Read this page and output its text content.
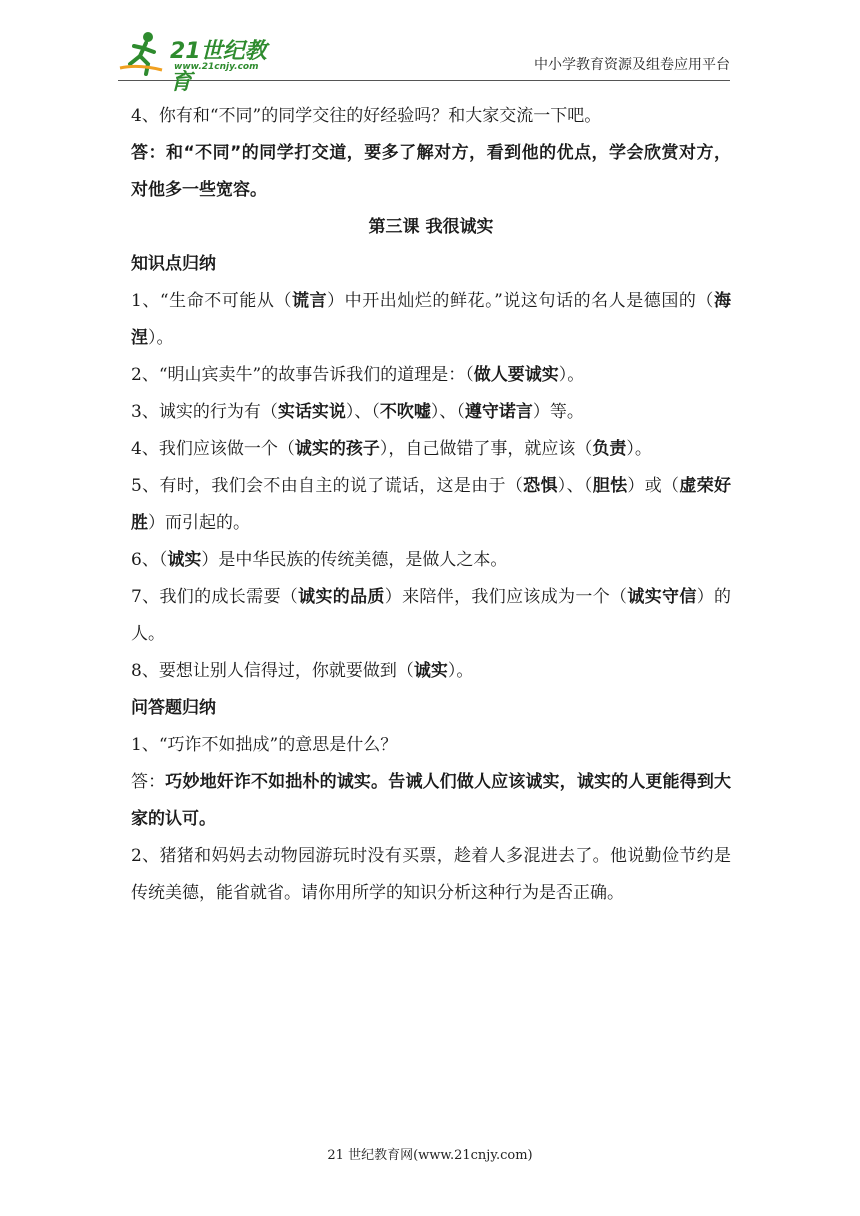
21世纪教育
www.21cnjy.com	中小学教育资源及组卷应用平台

4、你有和“不同”的同学交往的好经验吗？和大家交流一下吧。

答：和“不同”的同学打交道，要多了解对方，看到他的优点，学会欣赏对方，对他多一些宽容。

第三课 我很诚实

知识点归纳

1、“生命不可能从（谎言）中开出灿烂的鲜花。”说这句话的名人是德国的（海涅）。

2、“明山宾卖牛”的故事告诉我们的道理是：（做人要诚实）。

3、诚实的行为有（实话实说）、（不吹嘘）、（遵守诺言）等。

4、我们应该做一个（诚实的孩子），自己做错了事，就应该（负责）。

5、有时，我们会不由自主的说了谎话，这是由于（恐惧）、（胆怯）或（虚荣好胜）而引起的。

6、（诚实）是中华民族的传统美德，是做人之本。

7、我们的成长需要（诚实的品质）来陪伴，我们应该成为一个（诚实守信）的人。

8、要想让别人信得过，你就要做到（诚实）。

问答题归纳

1、“巧诈不如拙成”的意思是什么？

答：巧妙地奸诈不如拙朴的诚实。告诫人们做人应该诚实，诚实的人更能得到大家的认可。

2、猪猪和妈妈去动物园游玩时没有买票，趁着人多混进去了。他说勤俭节约是传统美德，能省就省。请你用所学的知识分析这种行为是否正确。

21 世纪教育网(www.21cnjy.com)
